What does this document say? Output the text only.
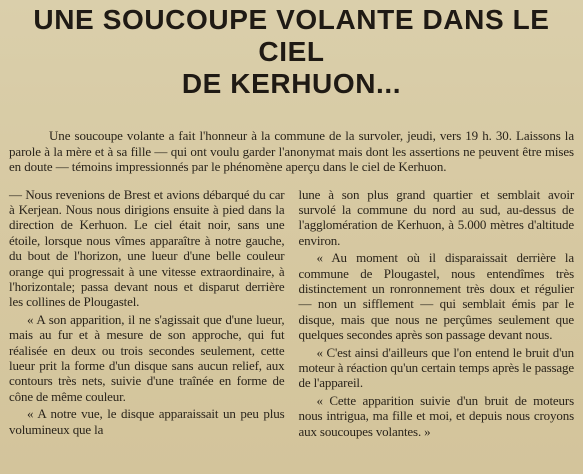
UNE SOUCOUPE VOLANTE DANS LE CIEL
DE KERHUON...

Une soucoupe volante a fait l'honneur à la commune de la survoler, jeudi, vers 19 h. 30. Laissons la parole à la mère et à sa fille — qui ont voulu garder l'anonymat mais dont les assertions ne peuvent être mises en doute — témoins impressionnés par le phénomène aperçu dans le ciel de Kerhuon.

— Nous revenions de Brest et avions débarqué du car à Kerjean. Nous nous dirigions ensuite à pied dans la direction de Kerhuon. Le ciel était noir, sans une étoile, lorsque nous vîmes apparaître à notre gauche, du bout de l'horizon, une lueur d'une belle couleur orange qui progressait à une vitesse extraordinaire, à l'horizontale; passa devant nous et disparut derrière les collines de Plougastel.

« A son apparition, il ne s'agissait que d'une lueur, mais au fur et à mesure de son approche, qui fut réalisée en deux ou trois secondes seulement, cette lueur prit la forme d'un disque sans aucun relief, aux contours très nets, suivie d'une traînée en forme de cône de même couleur.

« A notre vue, le disque apparaissait un peu plus volumineux que la

lune à son plus grand quartier et semblait avoir survolé la commune du nord au sud, au-dessus de l'agglomération de Kerhuon, à 5.000 mètres d'altitude environ.

« Au moment où il disparaissait derrière la commune de Plougastel, nous entendîmes très distinctement un ronronnement très doux et régulier — non un sifflement — qui semblait émis par le disque, mais que nous ne perçûmes seulement que quelques secondes après son passage devant nous.

« C'est ainsi d'ailleurs que l'on entend le bruit d'un moteur à réaction qu'un certain temps après le passage de l'appareil.

« Cette apparition suivie d'un bruit de moteurs nous intrigua, ma fille et moi, et depuis nous croyons aux soucoupes volantes. »
